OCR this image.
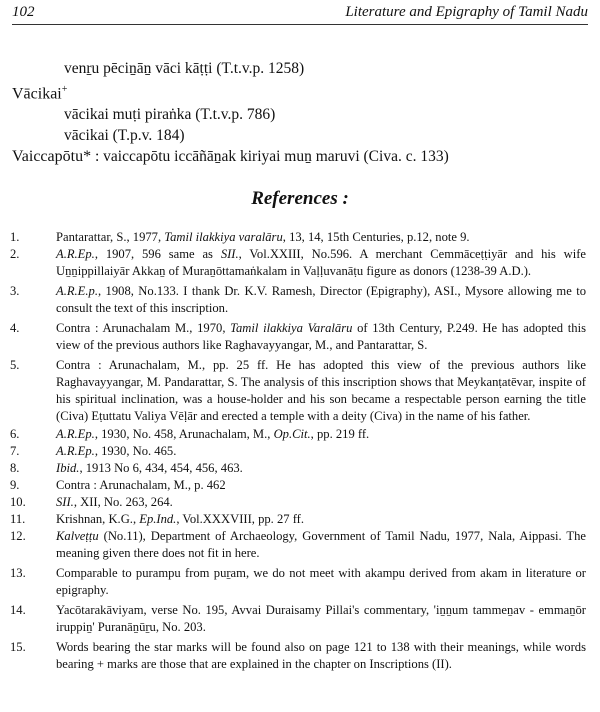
102	Literature and Epigraphy of Tamil Nadu
venṟu pēciṉāṉ vāci kāṭṭi (T.t.v.p. 1258)
Vācikai+
vācikai muṭi piraṅka (T.t.v.p. 786)
vācikai (T.p.v. 184)
Vaiccapōtu* : vaiccapōtu iccāñāṉak kiriyai muṉ maruvi (Civa. c. 133)
References :
1.	Pantarattar, S., 1977, Tamil ilakkiya varalāru, 13, 14, 15th Centuries, p.12, note 9.
2.	A.R.Ep., 1907, 596 same as SII., Vol.XXIII, No.596. A merchant Cemmāceṭṭiyār and his wife Uṉṉippillaiyār Akkaṉ of Muraṉōttamaṅkalam in Vaḷḷuvanāṭu figure as donors (1238-39 A.D.).
3.	A.R.E.p., 1908, No.133. I thank Dr. K.V. Ramesh, Director (Epigraphy), ASI., Mysore allowing me to consult the text of this inscription.
4.	Contra : Arunachalam M., 1970, Tamil ilakkiya Varalāru of 13th Century, P.249. He has adopted this view of the previous authors like Raghavayyangar, M., and Pantarattar, S.
5.	Contra : Arunachalam, M., pp. 25 ff. He has adopted this view of the previous authors like Raghavayyangar, M. Pandarattar, S. The analysis of this inscription shows that Meykanṭatēvar, inspite of his spiritual inclination, was a house-holder and his son became a respectable person earning the title (Civa) Eṭuttatu Valiya Vēḷār and erected a temple with a deity (Civa) in the name of his father.
6.	A.R.Ep., 1930, No. 458, Arunachalam, M., Op.Cit., pp. 219 ff.
7.	A.R.Ep., 1930, No. 465.
8.	Ibid., 1913 No 6, 434, 454, 456, 463.
9.	Contra : Arunachalam, M., p. 462
10.	SII., XII, No. 263, 264.
11.	Krishnan, K.G., Ep.Ind., Vol.XXXVIII, pp. 27 ff.
12.	Kalveṭṭu (No.11), Department of Archaeology, Government of Tamil Nadu, 1977, Nala, Aippasi. The meaning given there does not fit in here.
13.	Comparable to purampu from puṟam, we do not meet with akampu derived from akam in literature or epigraphy.
14.	Yacōtarakāviyam, verse No. 195, Avvai Duraisamy Pillai's commentary, 'iṉṉum tammeṉav - emmaṉōr iruppiṉ' Puranāṉūṟu, No. 203.
15.	Words bearing the star marks will be found also on page 121 to 138 with their meanings, while words bearing + marks are those that are explained in the chapter on Inscriptions (II).
